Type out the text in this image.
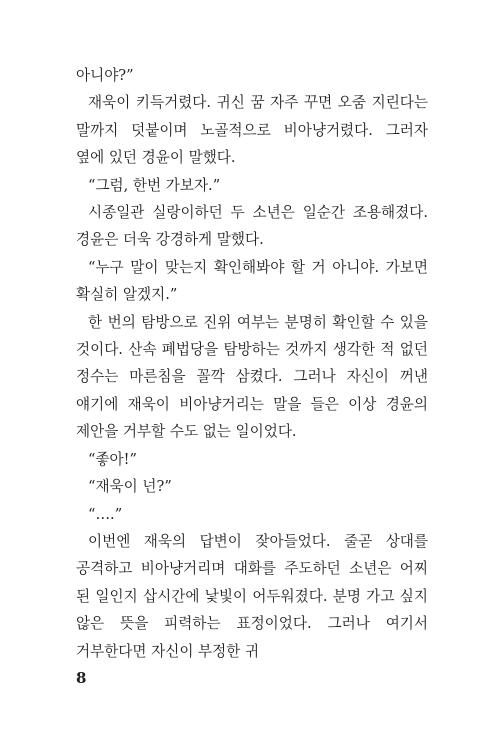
아니야?”

재욱이 키득거렸다. 귀신 꿈 자주 꾸면 오줌 지린다는 말까지 덧붙이며 노골적으로 비아냥거렸다. 그러자 옆에 있던 경윤이 말했다.

“그럼, 한번 가보자.”

시종일관 실랑이하던 두 소년은 일순간 조용해졌다. 경윤은 더욱 강경하게 말했다.

“누구 말이 맞는지 확인해봐야 할 거 아니야. 가보면 확실히 알겠지.”

한 번의 탐방으로 진위 여부는 분명히 확인할 수 있을 것이다. 산속 폐법당을 탐방하는 것까지 생각한 적 없던 정수는 마른침을 꼴깍 삼켰다. 그러나 자신이 꺼낸 얘기에 재욱이 비아냥거리는 말을 들은 이상 경윤의 제안을 거부할 수도 없는 일이었다.

“좋아!”

“재욱이 넌?”

“….”

이번엔 재욱의 답변이 잦아들었다. 줄곧 상대를 공격하고 비아냥거리며 대화를 주도하던 소년은 어찌 된 일인지 삽시간에 낯빛이 어두워졌다. 분명 가고 싶지 않은 뜻을 피력하는 표정이었다. 그러나 여기서 거부한다면 자신이 부정한 귀

8
